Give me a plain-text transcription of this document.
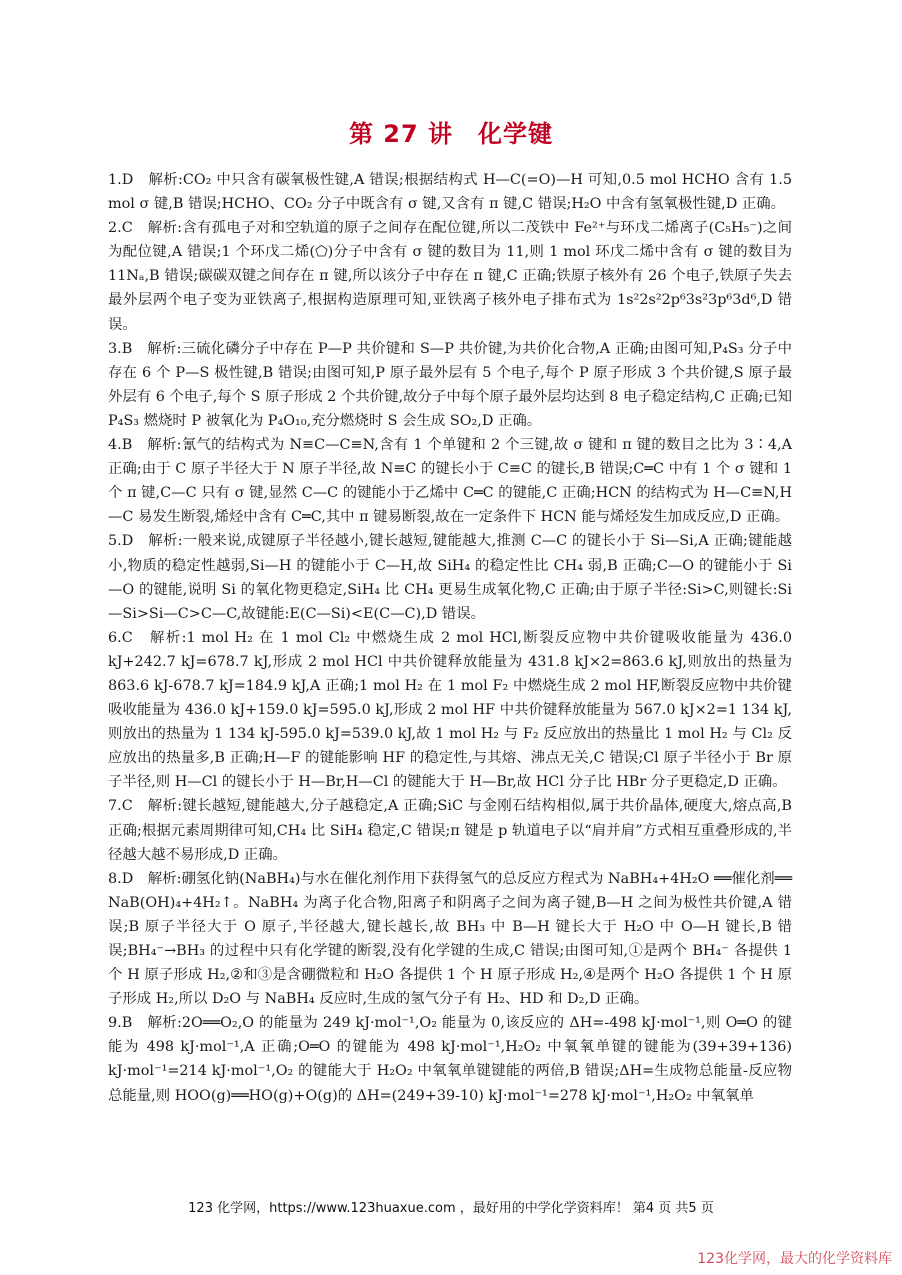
第 27 讲　化学键

1.D　 解析:CO₂ 中只含有碳氧极性键,A 错误;根据结构式 H—C(=O)—H 可知,0.5 mol HCHO 含有 1.5 mol σ 键,B 错误;HCHO、CO₂ 分子中既含有 σ 键,又含有 π 键,C 错误;H₂O 中含有氢氧极性键,D 正确。

2.C　 解析:含有孤电子对和空轨道的原子之间存在配位键,所以二茂铁中 Fe²⁺与环戊二烯离子(C₅H₅⁻)之间为配位键,A 错误;1 个环戊二烯(⬠)分子中含有 σ 键的数目为 11,则 1 mol 环戊二烯中含有 σ 键的数目为 11Nₐ,B 错误;碳碳双键之间存在 π 键,所以该分子中存在 π 键,C 正确;铁原子核外有 26 个电子,铁原子失去最外层两个电子变为亚铁离子,根据构造原理可知,亚铁离子核外电子排布式为 1s²2s²2p⁶3s²3p⁶3d⁶,D 错误。

3.B　 解析:三硫化磷分子中存在 P—P 共价键和 S—P 共价键,为共价化合物,A 正确;由图可知,P₄S₃ 分子中存在 6 个 P—S 极性键,B 错误;由图可知,P 原子最外层有 5 个电子,每个 P 原子形成 3 个共价键,S 原子最外层有 6 个电子,每个 S 原子形成 2 个共价键,故分子中每个原子最外层均达到 8 电子稳定结构,C 正确;已知 P₄S₃ 燃烧时 P 被氧化为 P₄O₁₀,充分燃烧时 S 会生成 SO₂,D 正确。

4.B　 解析:氰气的结构式为 N≡C—C≡N,含有 1 个单键和 2 个三键,故 σ 键和 π 键的数目之比为 3∶4,A 正确;由于 C 原子半径大于 N 原子半径,故 N≡C 的键长小于 C≡C 的键长,B 错误;C═C 中有 1 个 σ 键和 1 个 π 键,C—C 只有 σ 键,显然 C—C 的键能小于乙烯中 C═C 的键能,C 正确;HCN 的结构式为 H—C≡N,H—C 易发生断裂,烯烃中含有 C═C,其中 π 键易断裂,故在一定条件下 HCN 能与烯烃发生加成反应,D 正确。

5.D　 解析:一般来说,成键原子半径越小,键长越短,键能越大,推测 C—C 的键长小于 Si—Si,A 正确;键能越小,物质的稳定性越弱,Si—H 的键能小于 C—H,故 SiH₄ 的稳定性比 CH₄ 弱,B 正确;C—O 的键能小于 Si—O 的键能,说明 Si 的氧化物更稳定,SiH₄ 比 CH₄ 更易生成氧化物,C 正确;由于原子半径:Si>C,则键长:Si—Si>Si—C>C—C,故键能:E(C—Si)<E(C—C),D 错误。

6.C　 解析:1 mol H₂ 在 1 mol Cl₂ 中燃烧生成 2 mol HCl,断裂反应物中共价键吸收能量为 436.0 kJ+242.7 kJ=678.7 kJ,形成 2 mol HCl 中共价键释放能量为 431.8 kJ×2=863.6 kJ,则放出的热量为 863.6 kJ-678.7 kJ=184.9 kJ,A 正确;1 mol H₂ 在 1 mol F₂ 中燃烧生成 2 mol HF,断裂反应物中共价键吸收能量为 436.0 kJ+159.0 kJ=595.0 kJ,形成 2 mol HF 中共价键释放能量为 567.0 kJ×2=1 134 kJ,则放出的热量为 1 134 kJ-595.0 kJ=539.0 kJ,故 1 mol H₂ 与 F₂ 反应放出的热量比 1 mol H₂ 与 Cl₂ 反应放出的热量多,B 正确;H—F 的键能影响 HF 的稳定性,与其熔、沸点无关,C 错误;Cl 原子半径小于 Br 原子半径,则 H—Cl 的键长小于 H—Br,H—Cl 的键能大于 H—Br,故 HCl 分子比 HBr 分子更稳定,D 正确。

7.C　 解析:键长越短,键能越大,分子越稳定,A 正确;SiC 与金刚石结构相似,属于共价晶体,硬度大,熔点高,B 正确;根据元素周期律可知,CH₄ 比 SiH₄ 稳定,C 错误;π 键是 p 轨道电子以“肩并肩”方式相互重叠形成的,半径越大越不易形成,D 正确。

8.D　 解析:硼氢化钠(NaBH₄)与水在催化剂作用下获得氢气的总反应方程式为 NaBH₄+4H₂O ══催化剂══ NaB(OH)₄+4H₂↑。NaBH₄ 为离子化合物,阳离子和阴离子之间为离子键,B—H 之间为极性共价键,A 错误;B 原子半径大于 O 原子,半径越大,键长越长,故 BH₃ 中 B—H 键长大于 H₂O 中 O—H 键长,B 错误;BH₄⁻→BH₃ 的过程中只有化学键的断裂,没有化学键的生成,C 错误;由图可知,①是两个 BH₄⁻ 各提供 1 个 H 原子形成 H₂,②和③是含硼微粒和 H₂O 各提供 1 个 H 原子形成 H₂,④是两个 H₂O 各提供 1 个 H 原子形成 H₂,所以 D₂O 与 NaBH₄ 反应时,生成的氢气分子有 H₂、HD 和 D₂,D 正确。

9.B　 解析:2O══O₂,O 的能量为 249 kJ·mol⁻¹,O₂ 能量为 0,该反应的 ΔH=-498 kJ·mol⁻¹,则 O═O 的键能为 498 kJ·mol⁻¹,A 正确;O═O 的键能为 498 kJ·mol⁻¹,H₂O₂ 中氧氧单键的键能为(39+39+136) kJ·mol⁻¹=214 kJ·mol⁻¹,O₂ 的键能大于 H₂O₂ 中氧氧单键键能的两倍,B 错误;ΔH=生成物总能量-反应物总能量,则 HOO(g)══HO(g)+O(g)的 ΔH=(249+39-10) kJ·mol⁻¹=278 kJ·mol⁻¹,H₂O₂ 中氧氧单

123 化学网，https://www.123huaxue.com ，最好用的中学化学资料库！ 第4 页 共5 页
123化学网，最大的化学资料库
